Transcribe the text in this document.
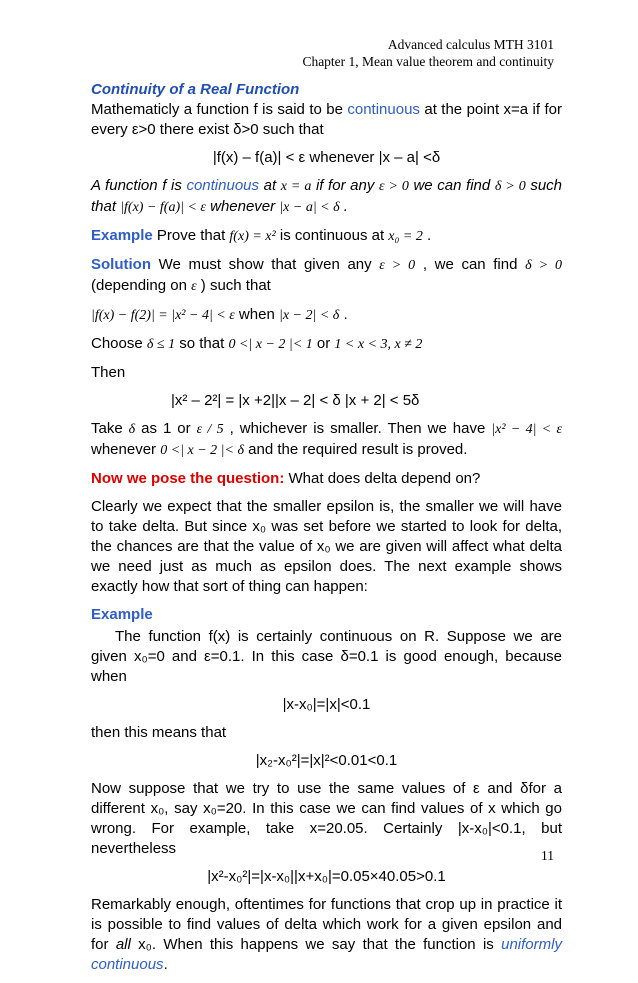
Advanced calculus MTH 3101
Chapter 1, Mean value theorem and continuity
Continuity of a Real Function

Mathematicly a function f is said to be continuous at the point x=a if for every ε>0 there exist δ>0 such that

|f(x) – f(a)| < ε whenever |x – a| <δ

A function f is continuous at x = a if for any ε > 0 we can find δ > 0 such that |f(x) − f(a)| < ε whenever |x − a| < δ .

Example Prove that f(x) = x² is continuous at x₀ = 2 .

Solution We must show that given any ε > 0 , we can find δ > 0 (depending on ε ) such that

|f(x) − f(2)| = |x² − 4| < ε when |x − 2| < δ .

Choose δ ≤ 1 so that 0 <| x − 2 |< 1 or 1 < x < 3, x ≠ 2

Then

|x² – 2²| = |x +2||x – 2| < δ |x + 2| < 5δ

Take δ as 1 or ε / 5 , whichever is smaller. Then we have |x² − 4| < ε whenever 0 <| x − 2 |< δ and the required result is proved.

Now we pose the question: What does delta depend on?

Clearly we expect that the smaller epsilon is, the smaller we will have to take delta. But since x₀ was set before we started to look for delta, the chances are that the value of x₀ we are given will affect what delta we need just as much as epsilon does. The next example shows exactly how that sort of thing can happen:

Example

The function f(x) is certainly continuous on R. Suppose we are given x₀=0 and ε=0.1. In this case δ=0.1 is good enough, because when

|x-x₀|=|x|<0.1

then this means that

|x₂-x₀²|=|x|²<0.01<0.1

Now suppose that we try to use the same values of ε and δfor a different x₀, say x₀=20. In this case we can find values of x which go wrong. For example, take x=20.05. Certainly |x-x₀|<0.1, but nevertheless

|x²-x₀²|=|x-x₀||x+x₀|=0.05×40.05>0.1

Remarkably enough, oftentimes for functions that crop up in practice it is possible to find values of delta which work for a given epsilon and for all x₀. When this happens we say that the function is uniformly continuous.

11
